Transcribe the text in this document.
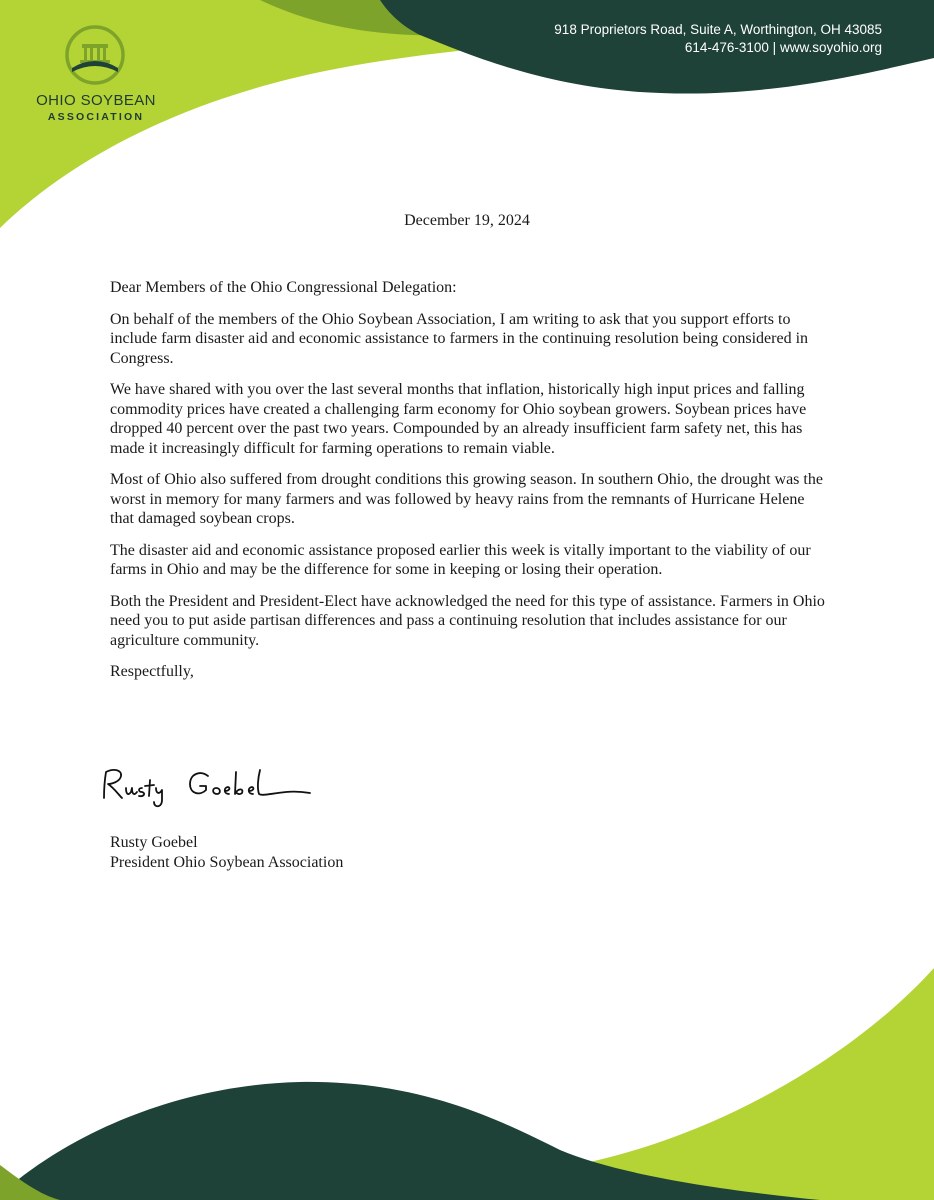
OHIO SOYBEAN
ASSOCIATION
918 Proprietors Road, Suite A, Worthington, OH 43085
614-476-3100 | www.soyohio.org
December 19, 2024

Dear Members of the Ohio Congressional Delegation:

On behalf of the members of the Ohio Soybean Association, I am writing to ask that you support efforts to include farm disaster aid and economic assistance to farmers in the continuing resolution being considered in Congress.

We have shared with you over the last several months that inflation, historically high input prices and falling commodity prices have created a challenging farm economy for Ohio soybean growers. Soybean prices have dropped 40 percent over the past two years. Compounded by an already insufficient farm safety net, this has made it increasingly difficult for farming operations to remain viable.

Most of Ohio also suffered from drought conditions this growing season. In southern Ohio, the drought was the worst in memory for many farmers and was followed by heavy rains from the remnants of Hurricane Helene that damaged soybean crops.

The disaster aid and economic assistance proposed earlier this week is vitally important to the viability of our farms in Ohio and may be the difference for some in keeping or losing their operation.

Both the President and President-Elect have acknowledged the need for this type of assistance. Farmers in Ohio need you to put aside partisan differences and pass a continuing resolution that includes assistance for our agriculture community.

Respectfully,

Rusty Goebel
President Ohio Soybean Association
